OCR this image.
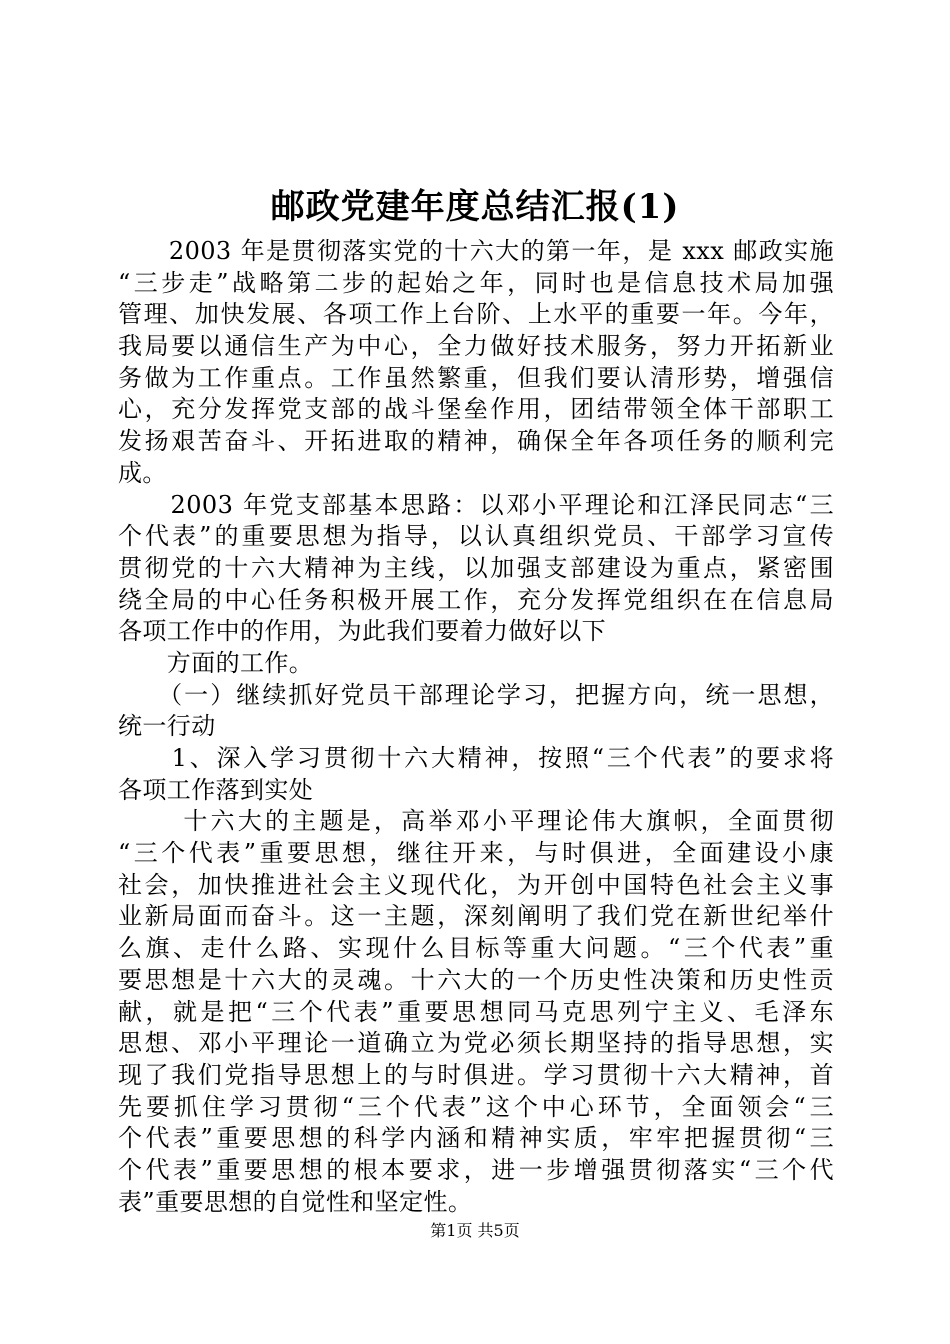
邮政党建年度总结汇报(1)
　　2003 年是贯彻落实党的十六大的第一年，是 xxx 邮政实施
“三步走”战略第二步的起始之年，同时也是信息技术局加强
管理、加快发展、各项工作上台阶、上水平的重要一年。今年，
我局要以通信生产为中心，全力做好技术服务，努力开拓新业
务做为工作重点。工作虽然繁重，但我们要认清形势，增强信
心，充分发挥党支部的战斗堡垒作用，团结带领全体干部职工
发扬艰苦奋斗、开拓进取的精神，确保全年各项任务的顺利完
成。
　　2003 年党支部基本思路：以邓小平理论和江泽民同志“三
个代表”的重要思想为指导，以认真组织党员、干部学习宣传
贯彻党的十六大精神为主线，以加强支部建设为重点，紧密围
绕全局的中心任务积极开展工作，充分发挥党组织在在信息局
各项工作中的作用，为此我们要着力做好以下
　　方面的工作。
　　（一）继续抓好党员干部理论学习，把握方向，统一思想，
统一行动
　　1、深入学习贯彻十六大精神，按照“三个代表”的要求将
各项工作落到实处
　　 十六大的主题是，高举邓小平理论伟大旗帜，全面贯彻
“三个代表”重要思想，继往开来，与时俱进，全面建设小康
社会，加快推进社会主义现代化，为开创中国特色社会主义事
业新局面而奋斗。这一主题，深刻阐明了我们党在新世纪举什
么旗、走什么路、实现什么目标等重大问题。“三个代表”重
要思想是十六大的灵魂。十六大的一个历史性决策和历史性贡
献，就是把“三个代表”重要思想同马克思列宁主义、毛泽东
思想、邓小平理论一道确立为党必须长期坚持的指导思想，实
现了我们党指导思想上的与时俱进。学习贯彻十六大精神，首
先要抓住学习贯彻“三个代表”这个中心环节，全面领会“三
个代表”重要思想的科学内涵和精神实质，牢牢把握贯彻“三
个代表”重要思想的根本要求，进一步增强贯彻落实“三个代
表”重要思想的自觉性和坚定性。
第1页 共5页
